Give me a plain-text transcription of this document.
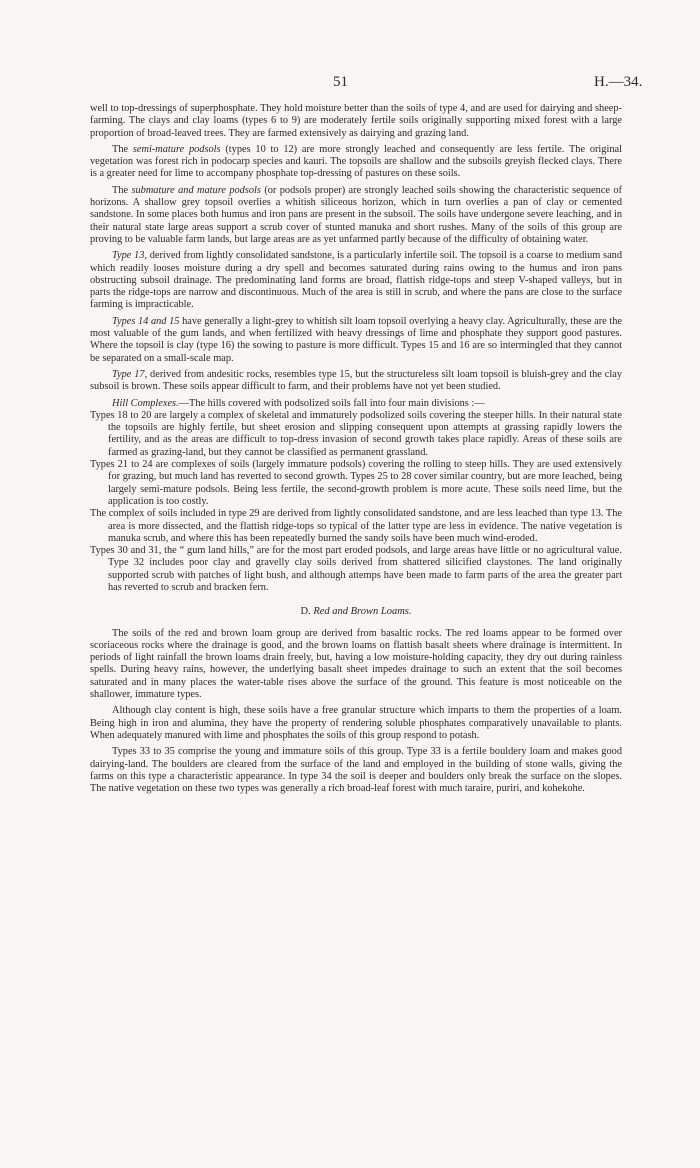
51	H.—34.

well to top-dressings of superphosphate. They hold moisture better than the soils of type 4, and are used for dairying and sheep-farming. The clays and clay loams (types 6 to 9) are moderately fertile soils originally supporting mixed forest with a large proportion of broad-leaved trees. They are farmed extensively as dairying and grazing land.

The semi-mature podsols (types 10 to 12) are more strongly leached and consequently are less fertile. The original vegetation was forest rich in podocarp species and kauri. The topsoils are shallow and the subsoils greyish flecked clays. There is a greater need for lime to accompany phosphate top-dressing of pastures on these soils.

The submature and mature podsols (or podsols proper) are strongly leached soils showing the characteristic sequence of horizons. A shallow grey topsoil overlies a whitish siliceous horizon, which in turn overlies a pan of clay or cemented sandstone. In some places both humus and iron pans are present in the subsoil. The soils have undergone severe leaching, and in their natural state large areas support a scrub cover of stunted manuka and short rushes. Many of the soils of this group are proving to be valuable farm lands, but large areas are as yet unfarmed partly because of the difficulty of obtaining water.

Type 13, derived from lightly consolidated sandstone, is a particularly infertile soil. The topsoil is a coarse to medium sand which readily looses moisture during a dry spell and becomes saturated during rains owing to the humus and iron pans obstructing subsoil drainage. The predominating land forms are broad, flattish ridge-tops and steep V-shaped valleys, but in parts the ridge-tops are narrow and discontinuous. Much of the area is still in scrub, and where the pans are close to the surface farming is impracticable.

Types 14 and 15 have generally a light-grey to whitish silt loam topsoil overlying a heavy clay. Agriculturally, these are the most valuable of the gum lands, and when fertilized with heavy dressings of lime and phosphate they support good pastures. Where the topsoil is clay (type 16) the sowing to pasture is more difficult. Types 15 and 16 are so intermingled that they cannot be separated on a small-scale map.

Type 17, derived from andesitic rocks, resembles type 15, but the structureless silt loam topsoil is bluish-grey and the clay subsoil is brown. These soils appear difficult to farm, and their problems have not yet been studied.

Hill Complexes.—The hills covered with podsolized soils fall into four main divisions :—

Types 18 to 20 are largely a complex of skeletal and immaturely podsolized soils covering the steeper hills. In their natural state the topsoils are highly fertile, but sheet erosion and slipping consequent upon attempts at grassing rapidly lowers the fertility, and as the areas are difficult to top-dress invasion of second growth takes place rapidly. Areas of these soils are farmed as grazing-land, but they cannot be classified as permanent grassland.

Types 21 to 24 are complexes of soils (largely immature podsols) covering the rolling to steep hills. They are used extensively for grazing, but much land has reverted to second growth. Types 25 to 28 cover similar country, but are more leached, being largely semi-mature podsols. Being less fertile, the second-growth problem is more acute. These soils need lime, but the application is too costly.

The complex of soils included in type 29 are derived from lightly consolidated sandstone, and are less leached than type 13. The area is more dissected, and the flattish ridge-tops so typical of the latter type are less in evidence. The native vegetation is manuka scrub, and where this has been repeatedly burned the sandy soils have been much wind-eroded.

Types 30 and 31, the “ gum land hills,” are for the most part eroded podsols, and large areas have little or no agricultural value. Type 32 includes poor clay and gravelly clay soils derived from shattered silicified claystones. The land originally supported scrub with patches of light bush, and although attemps have been made to farm parts of the area the greater part has reverted to scrub and bracken fern.

D. Red and Brown Loams.

The soils of the red and brown loam group are derived from basaltic rocks. The red loams appear to be formed over scoriaceous rocks where the drainage is good, and the brown loams on flattish basalt sheets where drainage is intermittent. In periods of light rainfall the brown loams drain freely, but, having a low moisture-holding capacity, they dry out during rainless spells. During heavy rains, however, the underlying basalt sheet impedes drainage to such an extent that the soil becomes saturated and in many places the water-table rises above the surface of the ground. This feature is most noticeable on the shallower, immature types.

Although clay content is high, these soils have a free granular structure which imparts to them the properties of a loam. Being high in iron and alumina, they have the property of rendering soluble phosphates comparatively unavailable to plants. When adequately manured with lime and phosphates the soils of this group respond to potash.

Types 33 to 35 comprise the young and immature soils of this group. Type 33 is a fertile bouldery loam and makes good dairying-land. The boulders are cleared from the surface of the land and employed in the building of stone walls, giving the farms on this type a characteristic appearance. In type 34 the soil is deeper and boulders only break the surface on the slopes. The native vegetation on these two types was generally a rich broad-leaf forest with much taraire, puriri, and kohekohe.
